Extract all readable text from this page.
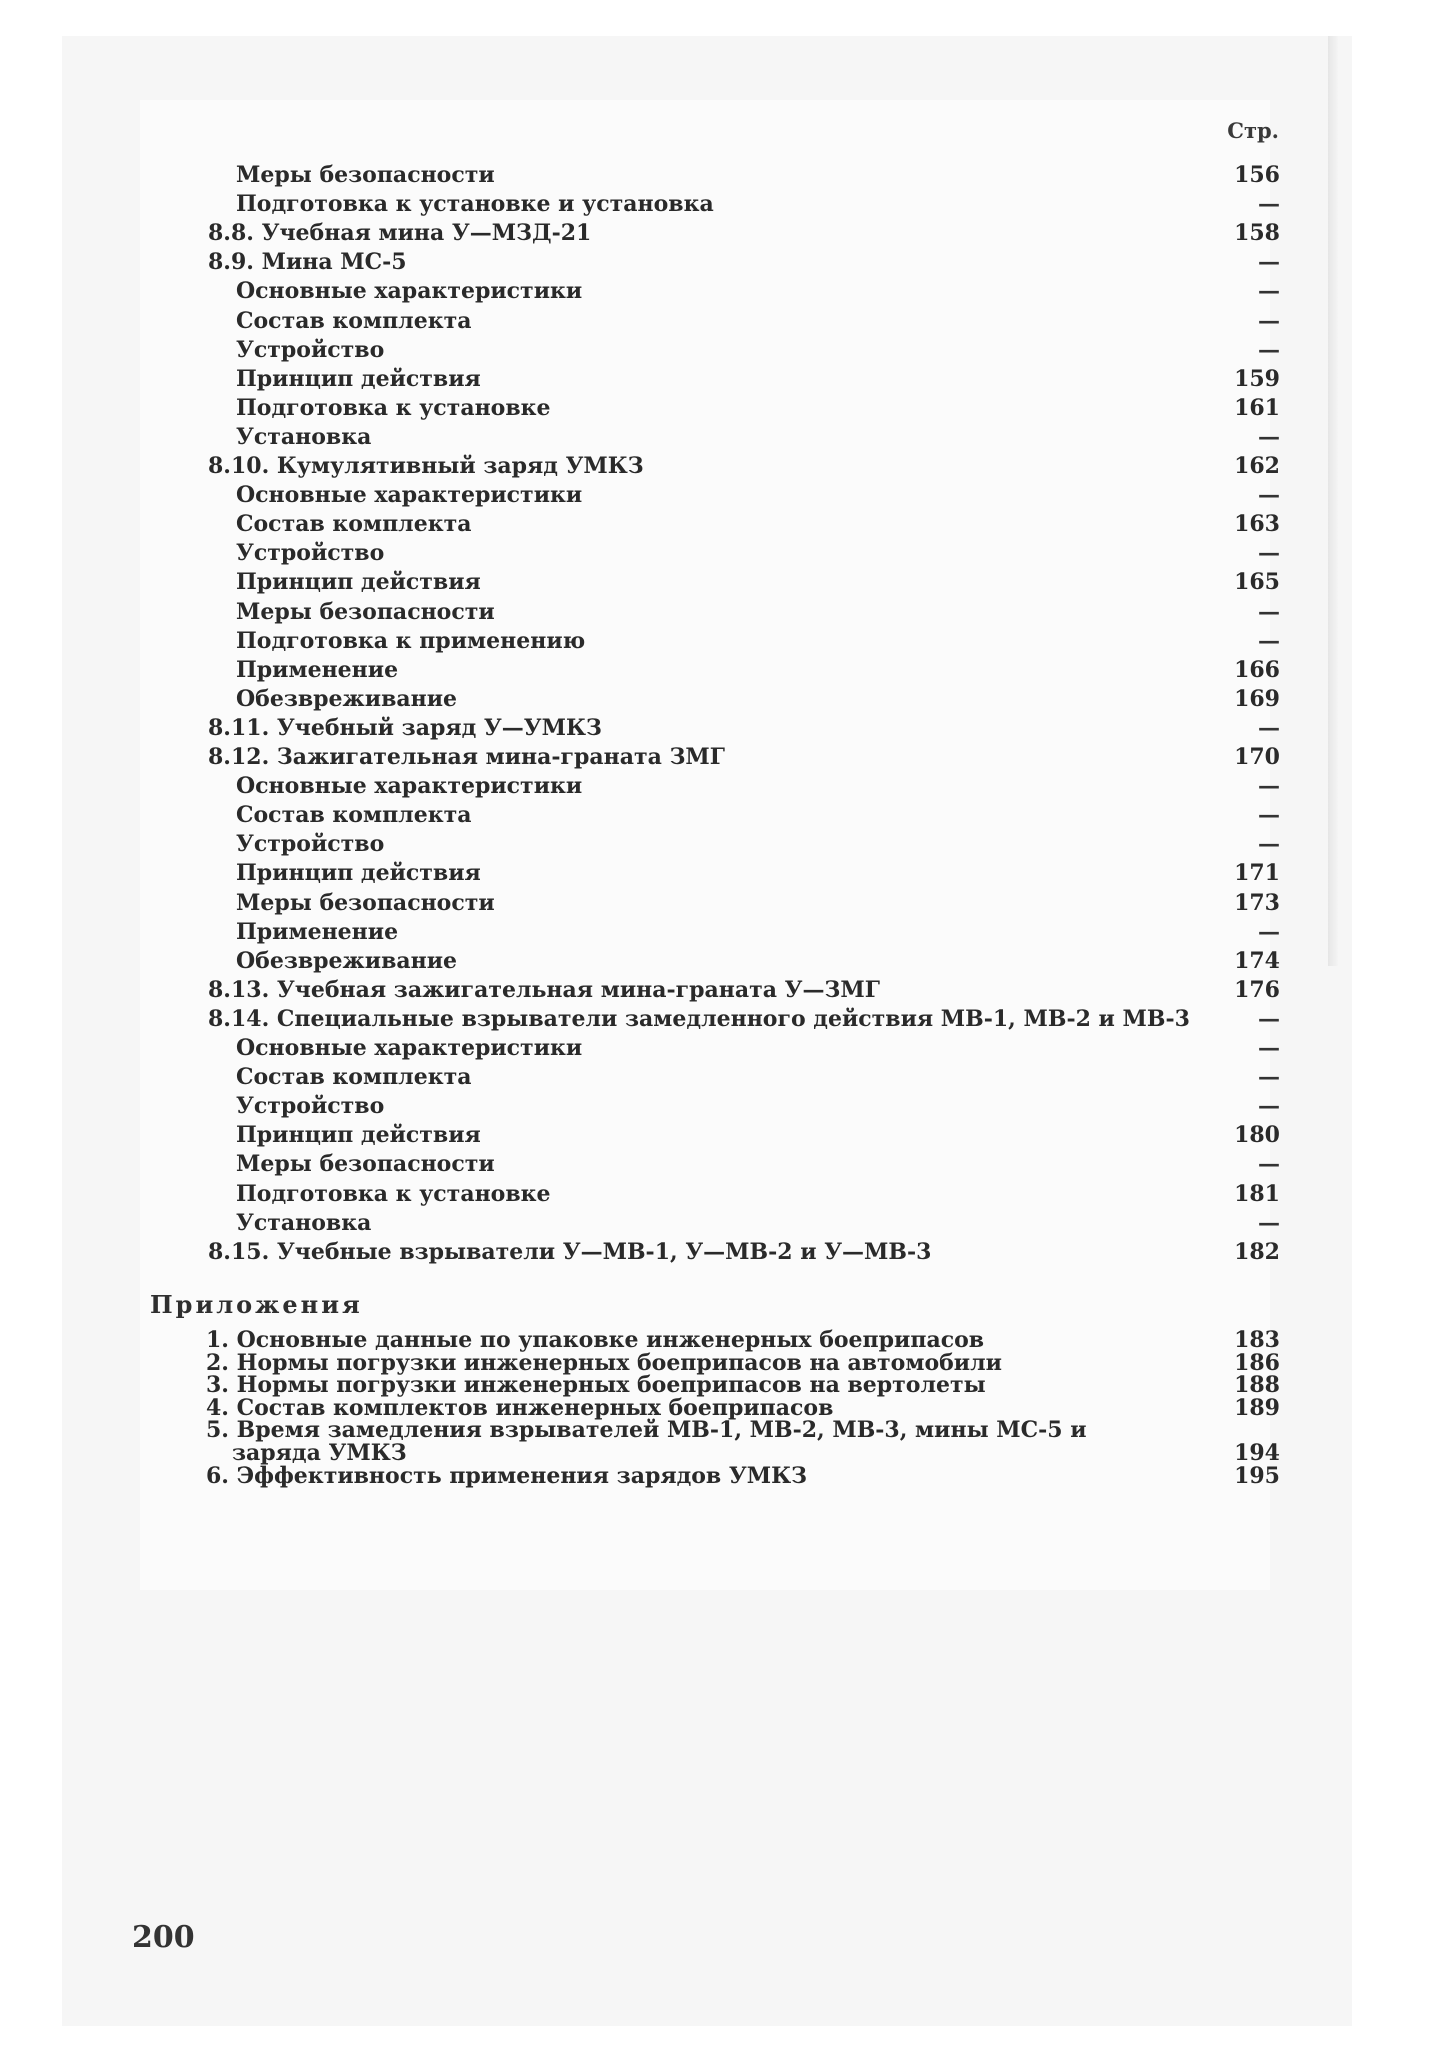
Стр.
Меры безопасности	156
Подготовка к установке и установка	—
8.8. Учебная мина У—МЗД-21	158
8.9. Мина МС-5	—
Основные характеристики	—
Состав комплекта	—
Устройство	—
Принцип действия	159
Подготовка к установке	161
Установка	—
8.10. Кумулятивный заряд УМКЗ	162
Основные характеристики	—
Состав комплекта	163
Устройство	—
Принцип действия	165
Меры безопасности	—
Подготовка к применению	—
Применение	166
Обезвреживание	169
8.11. Учебный заряд У—УМКЗ	—
8.12. Зажигательная мина-граната ЗМГ	170
Основные характеристики	—
Состав комплекта	—
Устройство	—
Принцип действия	171
Меры безопасности	173
Применение	—
Обезвреживание	174
8.13. Учебная зажигательная мина-граната У—ЗМГ	176
8.14. Специальные взрыватели замедленного действия МВ-1, МВ-2 и МВ-3	—
Основные характеристики	—
Состав комплекта	—
Устройство	—
Принцип действия	180
Меры безопасности	—
Подготовка к установке	181
Установка	—
8.15. Учебные взрыватели У—МВ-1, У—МВ-2 и У—МВ-3	182
Приложения
1. Основные данные по упаковке инженерных боеприпасов	183
2. Нормы погрузки инженерных боеприпасов на автомобили	186
3. Нормы погрузки инженерных боеприпасов на вертолеты	188
4. Состав комплектов инженерных боеприпасов	189
5. Время замедления взрывателей МВ-1, МВ-2, МВ-3, мины МС-5 и
заряда УМКЗ	194
6. Эффективность применения зарядов УМКЗ	195
200
